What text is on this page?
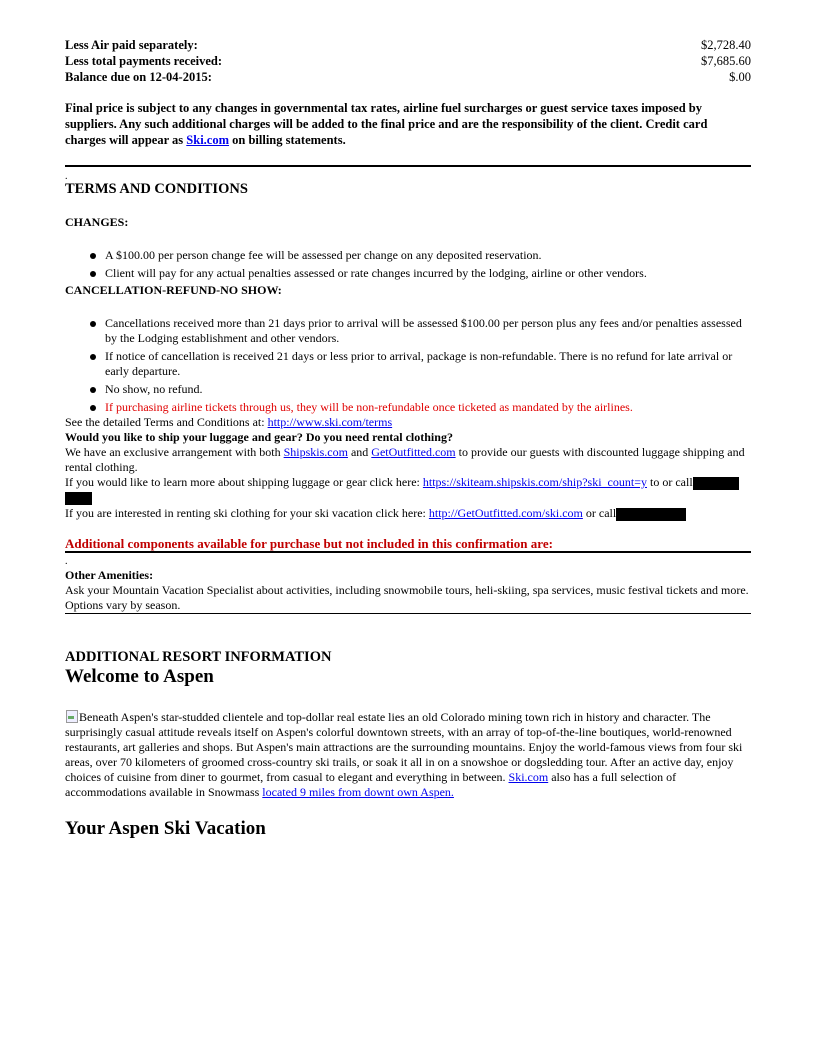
Less Air paid separately:	$2,728.40
Less total payments received:	$7,685.60
Balance due on 12-04-2015:	$.00
Final price is subject to any changes in governmental tax rates, airline fuel surcharges or guest service taxes imposed by suppliers. Any such additional charges will be added to the final price and are the responsibility of the client. Credit card charges will appear as Ski.com on billing statements.
.
TERMS AND CONDITIONS
CHANGES:
A $100.00 per person change fee will be assessed per change on any deposited reservation.
Client will pay for any actual penalties assessed or rate changes incurred by the lodging, airline or other vendors.
CANCELLATION-REFUND-NO SHOW:
Cancellations received more than 21 days prior to arrival will be assessed $100.00 per person plus any fees and/or penalties assessed by the Lodging establishment and other vendors.
If notice of cancellation is received 21 days or less prior to arrival, package is non-refundable. There is no refund for late arrival or early departure.
No show, no refund.
If purchasing airline tickets through us, they will be non-refundable once ticketed as mandated by the airlines.

See the detailed Terms and Conditions at: http://www.ski.com/terms

Would you like to ship your luggage and gear? Do you need rental clothing?

We have an exclusive arrangement with both Shipskis.com and GetOutfitted.com to provide our guests with discounted luggage shipping and rental clothing.

If you would like to learn more about shipping luggage or gear click here: https://skiteam.shipskis.com/ship?ski_count=y to or call

If you are interested in renting ski clothing for your ski vacation click here: http://GetOutfitted.com/ski.com or call

Additional components available for purchase but not included in this confirmation are:
.

Other Amenities:

Ask your Mountain Vacation Specialist about activities, including snowmobile tours, heli-skiing, spa services, music festival tickets and more. Options vary by season.

ADDITIONAL RESORT INFORMATION
Welcome to Aspen
Beneath Aspen's star-studded clientele and top-dollar real estate lies an old Colorado mining town rich in history and character. The surprisingly casual attitude reveals itself on Aspen's colorful downtown streets, with an array of top-of-the-line boutiques, world-renowned restaurants, art galleries and shops. But Aspen's main attractions are the surrounding mountains. Enjoy the world-famous views from four ski areas, over 70 kilometers of groomed cross-country ski trails, or soak it all in on a snowshoe or dogsledding tour. After an active day, enjoy choices of cuisine from diner to gourmet, from casual to elegant and everything in between. Ski.com also has a full selection of accommodations available in Snowmass located 9 miles from downt own Aspen.
Your Aspen Ski Vacation
